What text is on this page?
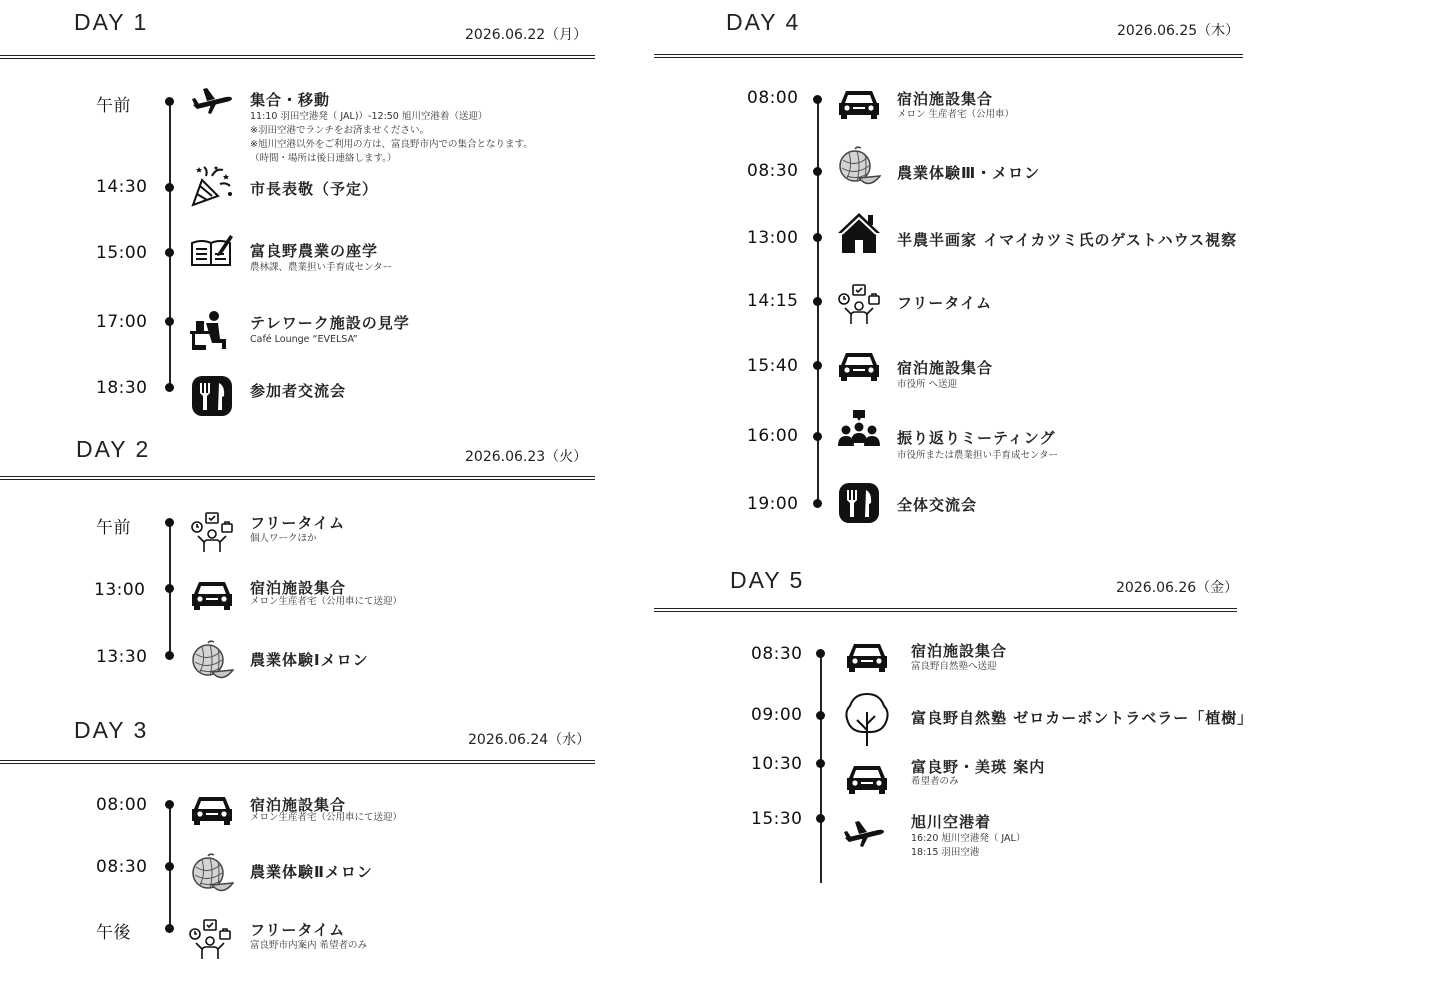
DAY 1	2026.06.22（月）
午前	集合・移動
11:10 羽田空港発（ JAL)）-12:50 旭川空港着（送迎）
※羽田空港でランチをお済ませください。
※旭川空港以外をご利用の方は、富良野市内での集合となります。
（時間・場所は後日連絡します。）
14:30	市長表敬（予定）
15:00	富良野農業の座学
農林課、農業担い手育成センター
17:00	テレワーク施設の見学
Café Lounge “EVELSA”
18:30	参加者交流会
DAY 2	2026.06.23（火）
午前	フリータイム
個人ワークほか
13:00	宿泊施設集合
メロン生産者宅（公用車にて送迎）
13:30	農業体験Ⅰメロン
DAY 3	2026.06.24（水）
08:00	宿泊施設集合
メロン生産者宅（公用車にて送迎）
08:30	農業体験Ⅱメロン
午後	フリータイム
富良野市内案内 希望者のみ
DAY 4	2026.06.25（木）
08:00	宿泊施設集合
メロン 生産者宅（公用車）
08:30	農業体験Ⅲ・メロン
13:00	半農半画家 イマイカツミ氏のゲストハウス視察
14:15	フリータイム
15:40	宿泊施設集合
市役所 へ送迎
16:00	振り返りミーティング
市役所または農業担い手育成センター
19:00	全体交流会
DAY 5	2026.06.26（金）
08:30	宿泊施設集合
富良野自然塾へ送迎
09:00	富良野自然塾 ゼロカーボントラベラー「植樹」
10:30	富良野・美瑛 案内
希望者のみ
15:30	旭川空港着
16:20 旭川空港発（ JAL）
18:15 羽田空港
